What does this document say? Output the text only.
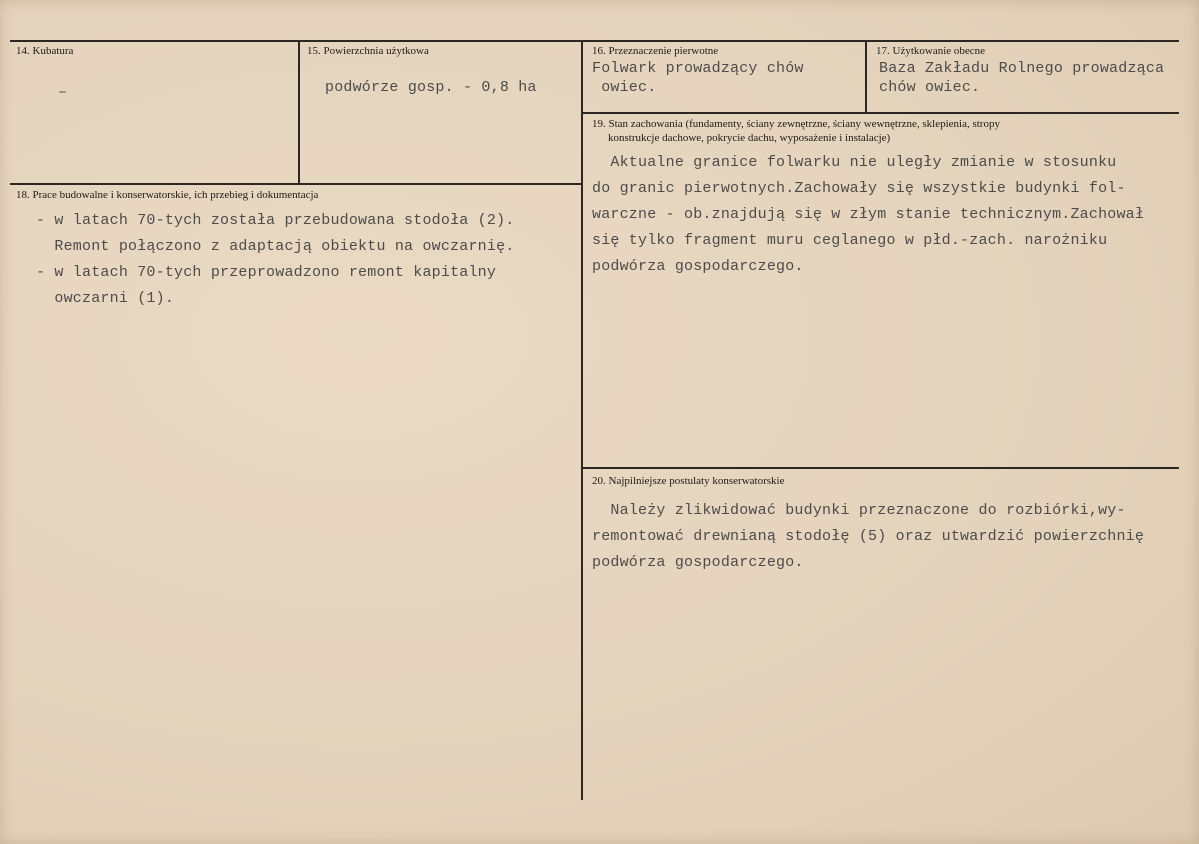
14. Kubatura
–
15. Powierzchnia użytkowa
podwórze gosp. - 0,8 ha
16. Przeznaczenie pierwotne
Folwark prowadzący chów
owiec.
17. Użytkowanie obecne
Baza Zakładu Rolnego prowadząca
chów owiec.
18. Prace budowalne i konserwatorskie, ich przebieg i dokumentacja
- w latach 70-tych została przebudowana stodoła (2).
Remont połączono z adaptacją obiektu na owczarnię.
- w latach 70-tych przeprowadzono remont kapitalny
owczarni (1).
19. Stan zachowania (fundamenty, ściany zewnętrzne, ściany wewnętrzne, sklepienia, stropy
konstrukcje dachowe, pokrycie dachu, wyposażenie i instalacje)
Aktualne granice folwarku nie uległy zmianie w stosunku
do granic pierwotnych.Zachowały się wszystkie budynki fol-
warczne - ob.znajdują się w złym stanie technicznym.Zachował
się tylko fragment muru ceglanego w płd.-zach. narożniku
podwórza gospodarczego.
20. Najpilniejsze postulaty konserwatorskie
Należy zlikwidować budynki przeznaczone do rozbiórki,wy-
remontować drewnianą stodołę (5) oraz utwardzić powierzchnię
podwórza gospodarczego.
